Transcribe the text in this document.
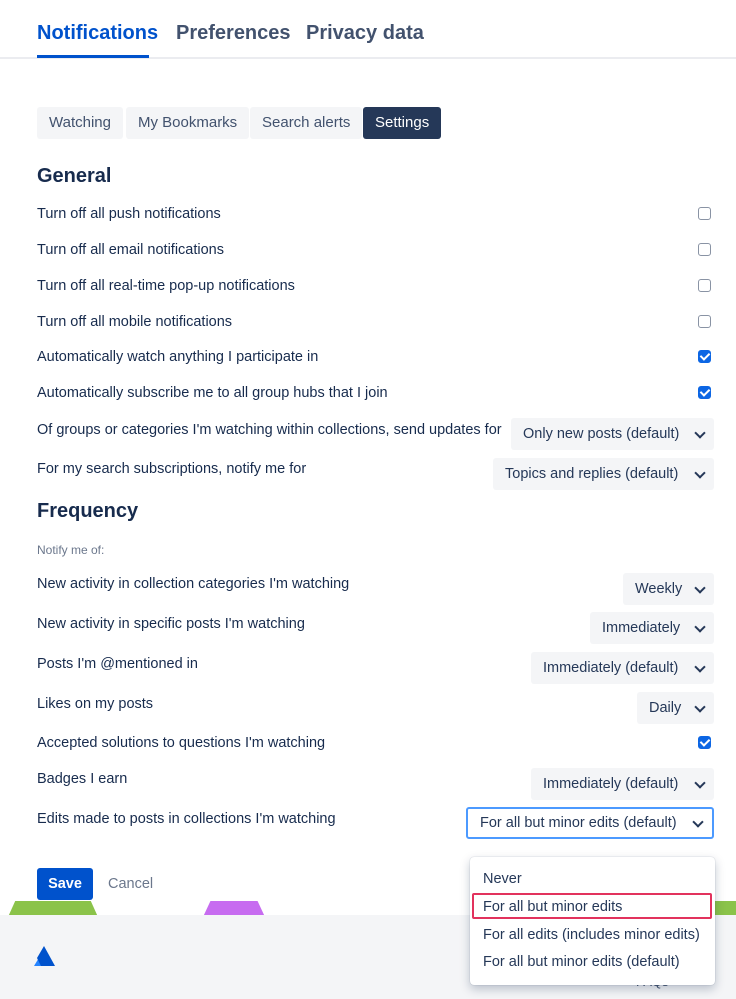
Notifications Preferences Privacy data
Watching	My Bookmarks	Search alerts	Settings
General
Turn off all push notifications
Turn off all email notifications
Turn off all real-time pop-up notifications
Turn off all mobile notifications
Automatically watch anything I participate in
Automatically subscribe me to all group hubs that I join
Of groups or categories I'm watching within collections, send updates for	Only new posts (default)
For my search subscriptions, notify me for	Topics and replies (default)
Frequency
Notify me of:
New activity in collection categories I'm watching	Weekly
New activity in specific posts I'm watching	Immediately
Posts I'm @mentioned in	Immediately (default)
Likes on my posts	Daily
Accepted solutions to questions I'm watching
Badges I earn	Immediately (default)
Edits made to posts in collections I'm watching	For all but minor edits (default)
Save	Cancel	Never
For all but minor edits
For all edits (includes minor edits)
For all but minor edits (default)
